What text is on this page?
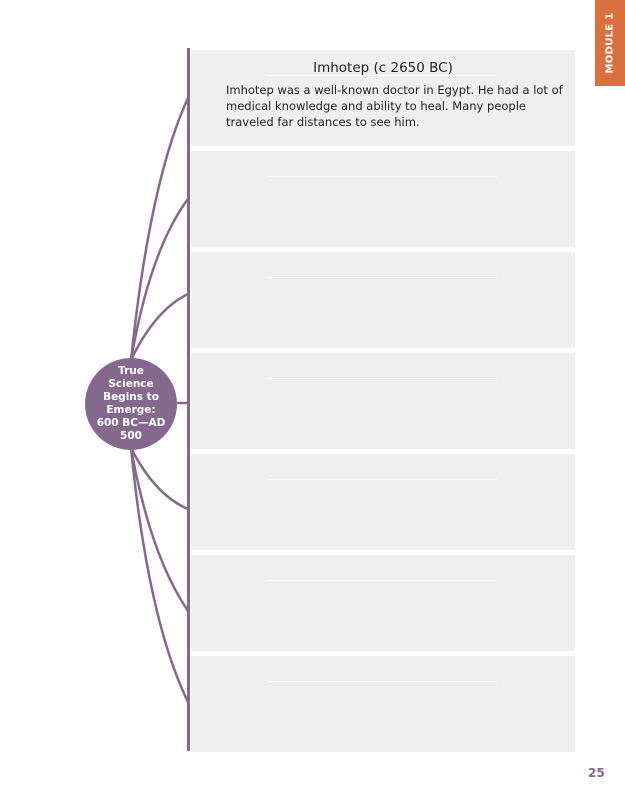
MODULE 1
True Science Begins to Emerge: 600 BC—AD 500
Imhotep (c 2650 BC)
Imhotep was a well-known doctor in Egypt. He had a lot of medical knowledge and ability to heal. Many people traveled far distances to see him.
25
